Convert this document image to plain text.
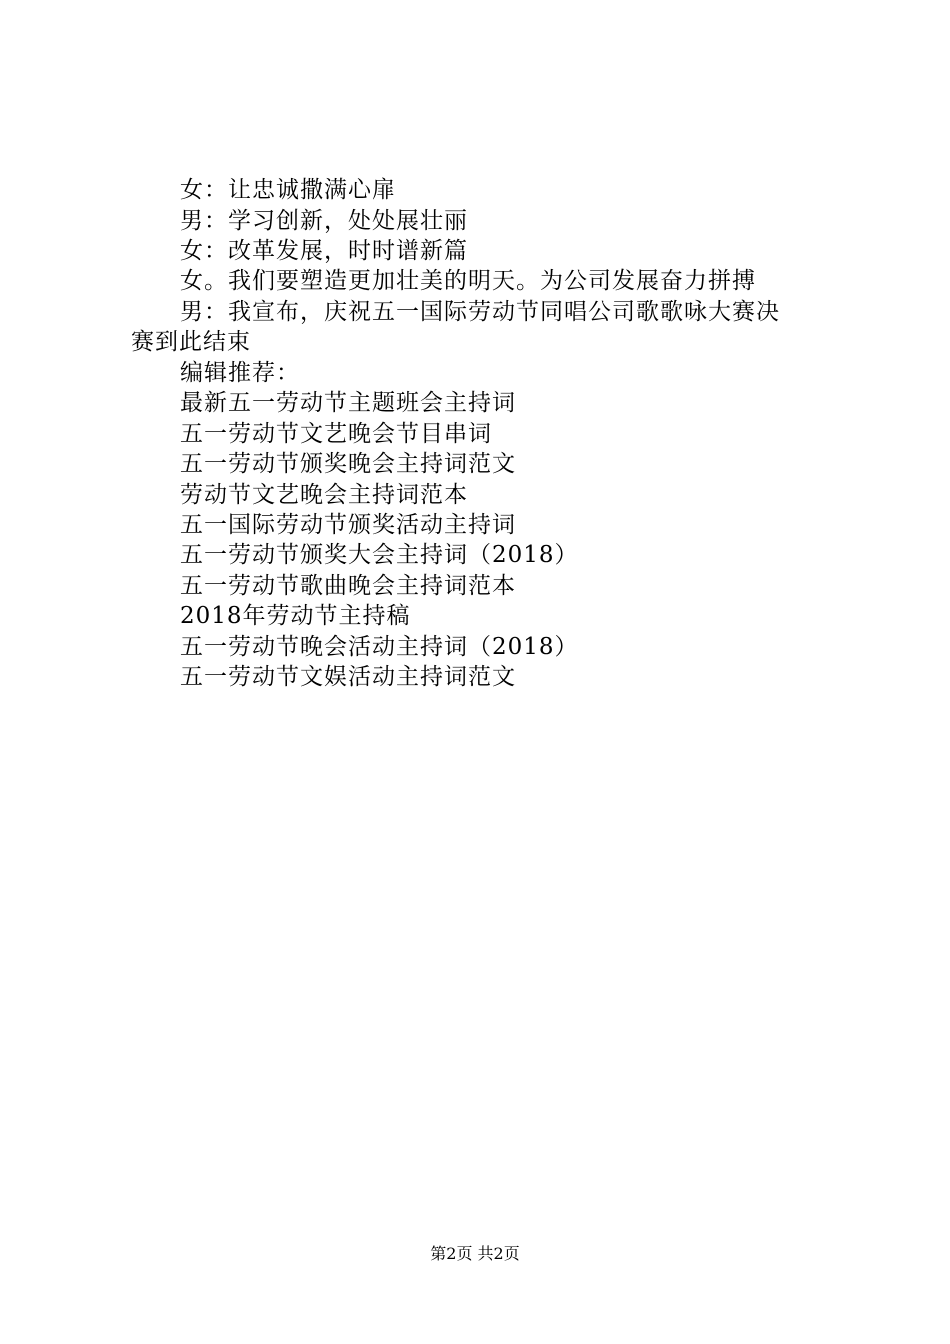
女：让忠诚撒满心扉
男：学习创新，处处展壮丽
女：改革发展，时时谱新篇
女。我们要塑造更加壮美的明天。为公司发展奋力拼搏
男：我宣布，庆祝五一国际劳动节同唱公司歌歌咏大赛决
赛到此结束
编辑推荐：
最新五一劳动节主题班会主持词
五一劳动节文艺晚会节目串词
五一劳动节颁奖晚会主持词范文
劳动节文艺晚会主持词范本
五一国际劳动节颁奖活动主持词
五一劳动节颁奖大会主持词（2018）
五一劳动节歌曲晚会主持词范本
2018年劳动节主持稿
五一劳动节晚会活动主持词（2018）
五一劳动节文娱活动主持词范文
第2页 共2页
